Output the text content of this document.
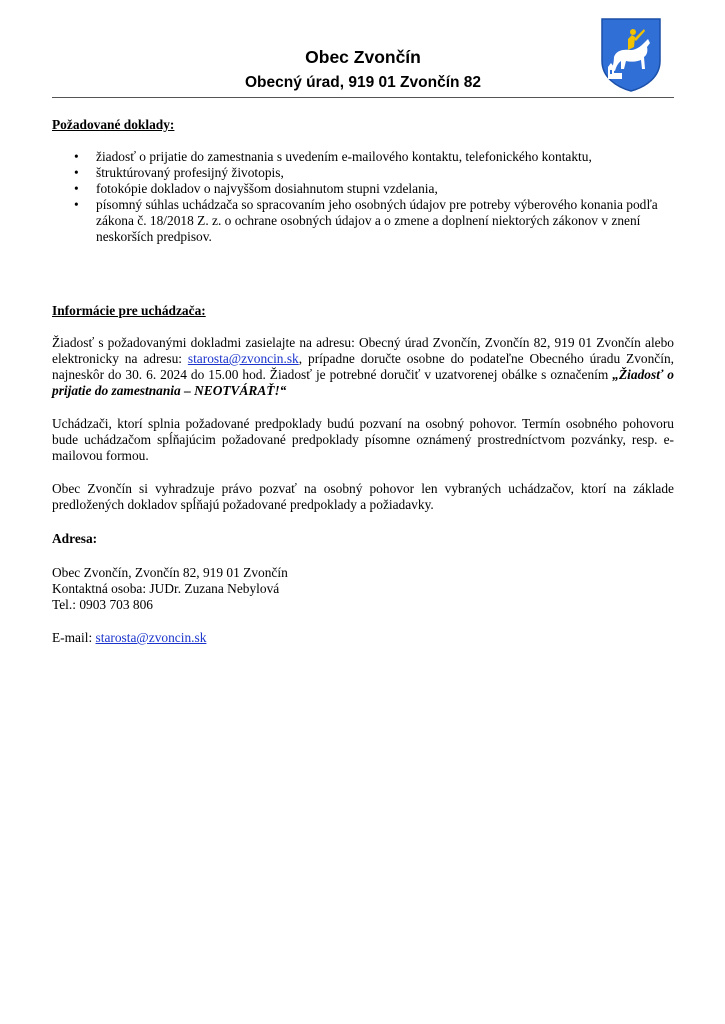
Obec Zvončín
Obecný úrad, 919 01 Zvončín 82

Požadované doklady:

• žiadosť o prijatie do zamestnania s uvedením e-mailového kontaktu, telefonického kontaktu,
• štruktúrovaný profesijný životopis,
• fotokópie dokladov o najvyššom dosiahnutom stupni vzdelania,
• písomný súhlas uchádzača so spracovaním jeho osobných údajov pre potreby výberového konania podľa zákona č. 18/2018 Z. z. o ochrane osobných údajov a o zmene a doplnení niektorých zákonov v znení neskorších predpisov.

Informácie pre uchádzača:

Žiadosť s požadovanými dokladmi zasielajte na adresu: Obecný úrad Zvončín, Zvončín 82, 919 01 Zvončín alebo elektronicky na adresu: starosta@zvoncin.sk, prípadne doručte osobne do podateľne Obecného úradu Zvončín, najneskôr do 30. 6. 2024 do 15.00 hod. Žiadosť je potrebné doručiť v uzatvorenej obálke s označením „Žiadosť o prijatie do zamestnania – NEOTVÁRAŤ!“

Uchádzači, ktorí splnia požadované predpoklady budú pozvaní na osobný pohovor. Termín osobného pohovoru bude uchádzačom spĺňajúcim požadované predpoklady písomne oznámený prostredníctvom pozvánky, resp. e-mailovou formou.

Obec Zvončín si vyhradzuje právo pozvať na osobný pohovor len vybraných uchádzačov, ktorí na základe predložených dokladov spĺňajú požadované predpoklady a požiadavky.

Adresa:

Obec Zvončín, Zvončín 82, 919 01 Zvončín

Kontaktná osoba: JUDr. Zuzana Nebylová

Tel.: 0903 703 806

E-mail: starosta@zvoncin.sk
